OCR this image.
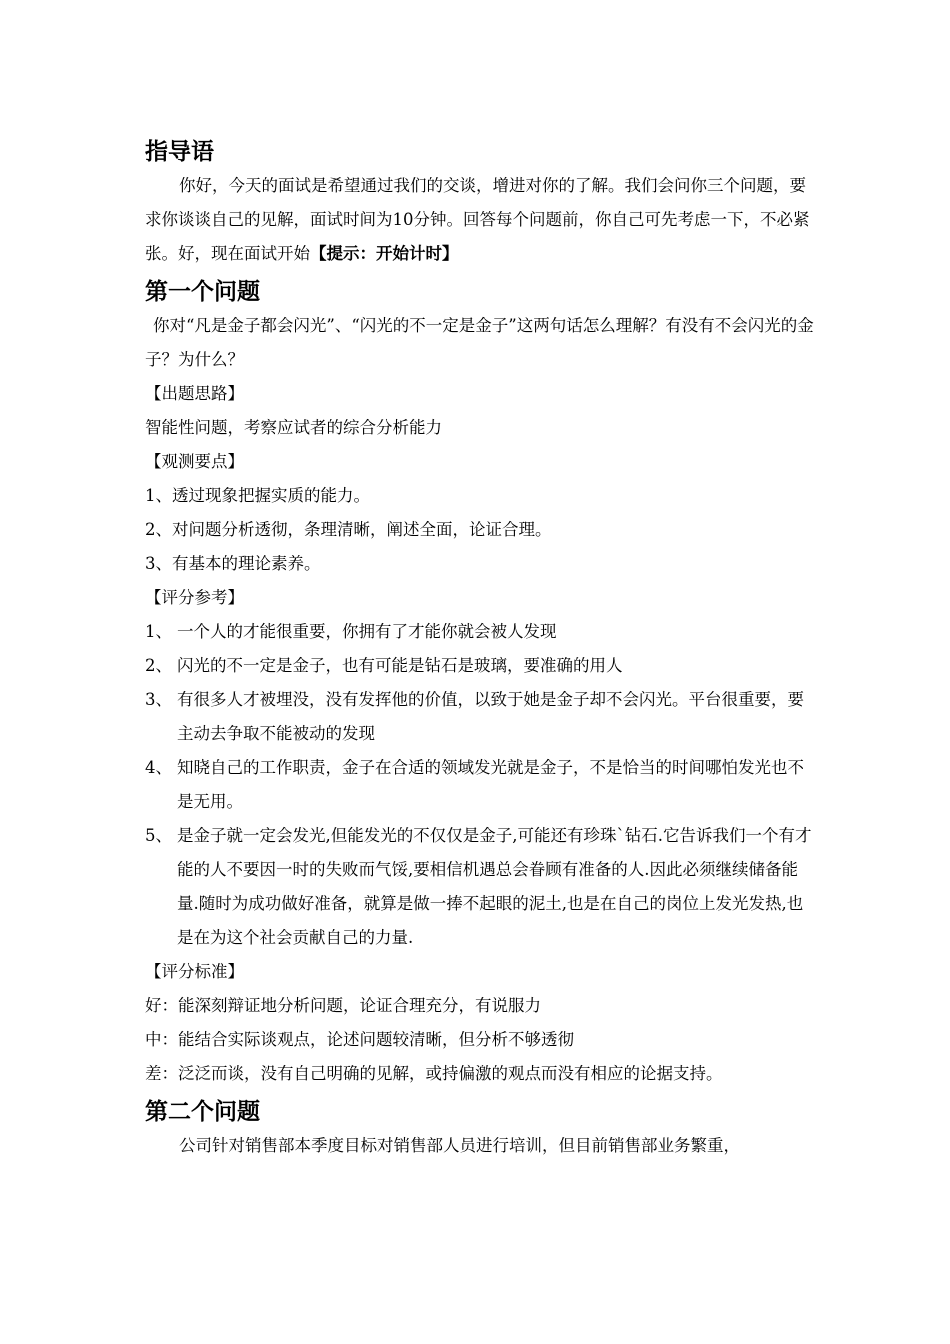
指导语

你好，今天的面试是希望通过我们的交谈，增进对你的了解。我们会问你三个问题，要求你谈谈自己的见解，面试时间为10分钟。回答每个问题前，你自己可先考虑一下，不必紧张。好，现在面试开始【提示：开始计时】

第一个问题

你对“凡是金子都会闪光”、“闪光的不一定是金子”这两句话怎么理解？有没有不会闪光的金子？为什么？

【出题思路】

智能性问题，考察应试者的综合分析能力

【观测要点】

1、透过现象把握实质的能力。

2、对问题分析透彻，条理清晰，阐述全面，论证合理。

3、有基本的理论素养。

【评分参考】

1、 一个人的才能很重要，你拥有了才能你就会被人发现
2、 闪光的不一定是金子，也有可能是钻石是玻璃，要准确的用人
3、 有很多人才被埋没，没有发挥他的价值，以致于她是金子却不会闪光。平台很重要，要主动去争取不能被动的发现
4、 知晓自己的工作职责，金子在合适的领域发光就是金子，不是恰当的时间哪怕发光也不是无用。
5、 是金子就一定会发光,但能发光的不仅仅是金子,可能还有珍珠`钻石.它告诉我们一个有才能的人不要因一时的失败而气馁,要相信机遇总会眷顾有准备的人.因此必须继续储备能量.随时为成功做好准备，就算是做一捧不起眼的泥土,也是在自己的岗位上发光发热,也是在为这个社会贡献自己的力量.

【评分标准】

好：能深刻辩证地分析问题，论证合理充分，有说服力

中：能结合实际谈观点，论述问题较清晰，但分析不够透彻

差：泛泛而谈，没有自己明确的见解，或持偏激的观点而没有相应的论据支持。

第二个问题

公司针对销售部本季度目标对销售部人员进行培训，但目前销售部业务繁重，
